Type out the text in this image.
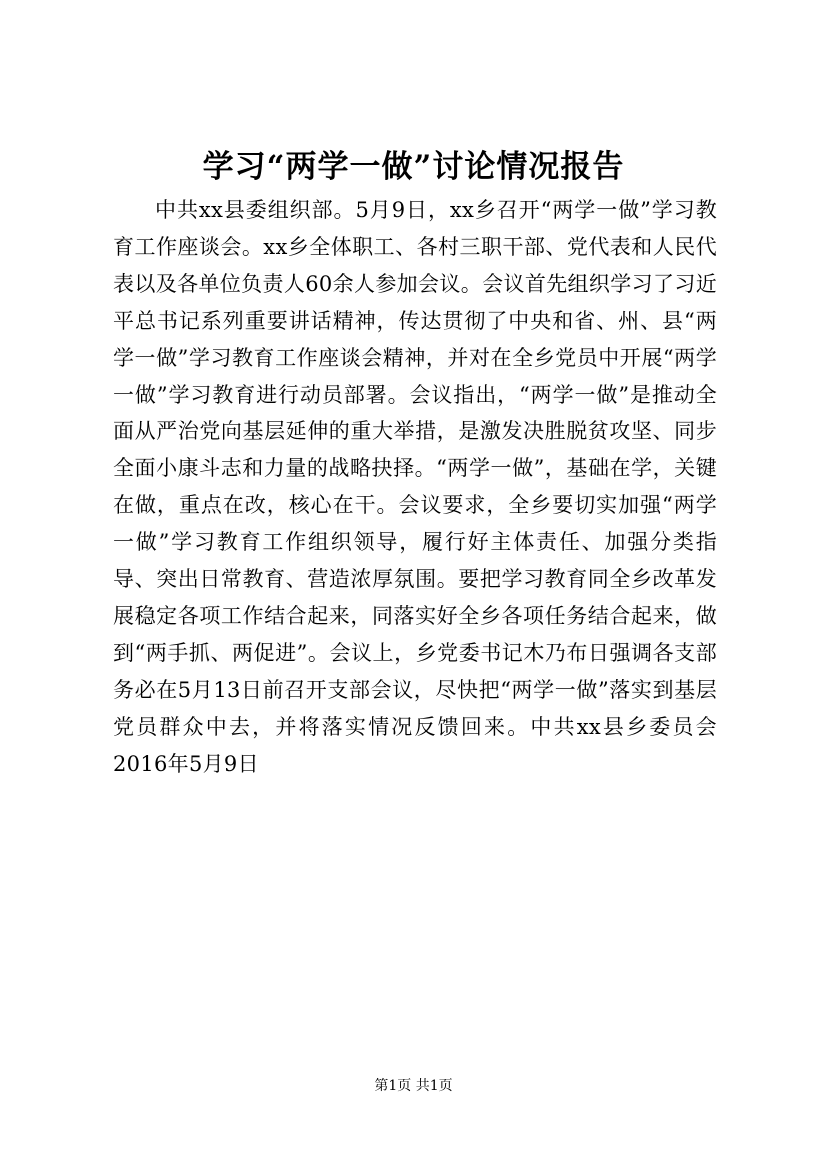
学习“两学一做”讨论情况报告

中共xx县委组织部。5月9日，xx乡召开“两学一做”学习教育工作座谈会。xx乡全体职工、各村三职干部、党代表和人民代表以及各单位负责人60余人参加会议。会议首先组织学习了习近平总书记系列重要讲话精神，传达贯彻了中央和省、州、县“两学一做”学习教育工作座谈会精神，并对在全乡党员中开展“两学一做”学习教育进行动员部署。会议指出，“两学一做”是推动全面从严治党向基层延伸的重大举措，是激发决胜脱贫攻坚、同步全面小康斗志和力量的战略抉择。“两学一做”，基础在学，关键在做，重点在改，核心在干。会议要求，全乡要切实加强“两学一做”学习教育工作组织领导，履行好主体责任、加强分类指导、突出日常教育、营造浓厚氛围。要把学习教育同全乡改革发展稳定各项工作结合起来，同落实好全乡各项任务结合起来，做到“两手抓、两促进”。会议上，乡党委书记木乃布日强调各支部务必在5月13日前召开支部会议，尽快把“两学一做”落实到基层党员群众中去，并将落实情况反馈回来。中共xx县乡委员会2016年5月9日

第1页 共1页
